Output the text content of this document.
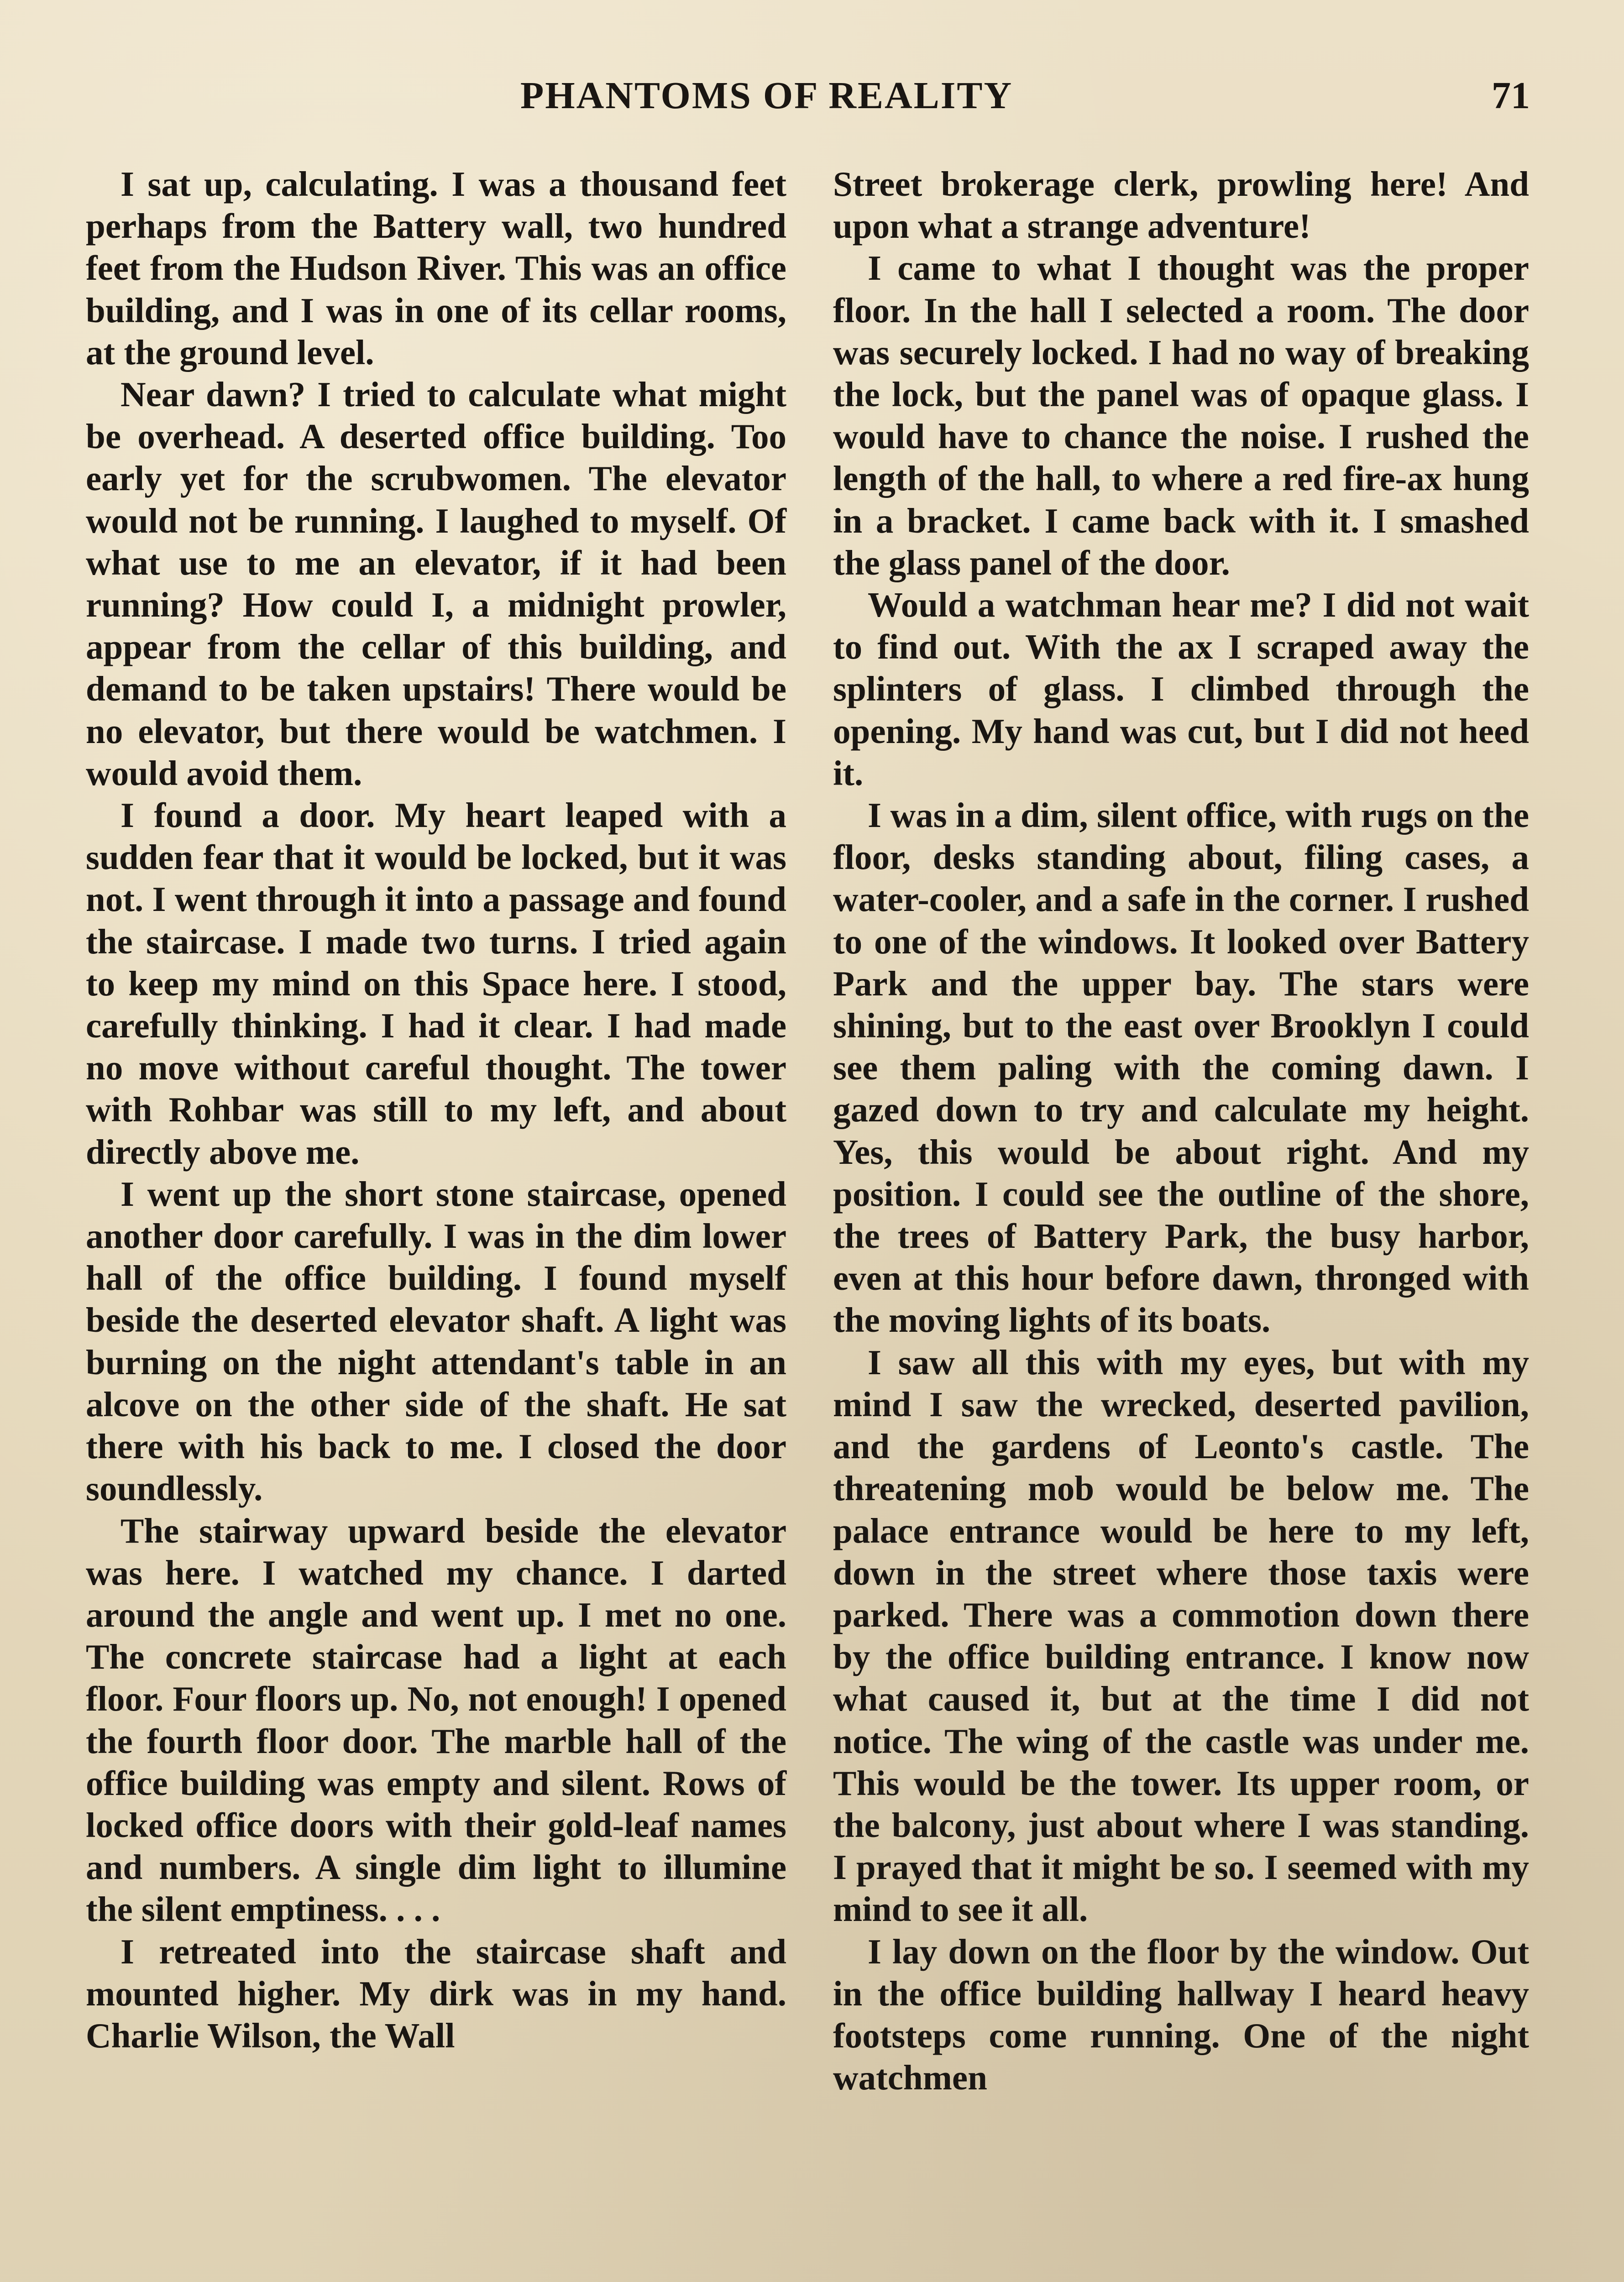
PHANTOMS OF REALITY	71

I sat up, calculating. I was a thousand feet perhaps from the Battery wall, two hundred feet from the Hudson River. This was an office building, and I was in one of its cellar rooms, at the ground level.

Near dawn? I tried to calculate what might be overhead. A deserted office building. Too early yet for the scrubwomen. The elevator would not be running. I laughed to myself. Of what use to me an elevator, if it had been running? How could I, a midnight prowler, appear from the cellar of this building, and demand to be taken upstairs! There would be no elevator, but there would be watchmen. I would avoid them.

I found a door. My heart leaped with a sudden fear that it would be locked, but it was not. I went through it into a passage and found the staircase. I made two turns. I tried again to keep my mind on this Space here. I stood, carefully thinking. I had it clear. I had made no move without careful thought. The tower with Rohbar was still to my left, and about directly above me.

I went up the short stone staircase, opened another door carefully. I was in the dim lower hall of the office building. I found myself beside the deserted elevator shaft. A light was burning on the night attendant's table in an alcove on the other side of the shaft. He sat there with his back to me. I closed the door soundlessly.

The stairway upward beside the elevator was here. I watched my chance. I darted around the angle and went up. I met no one. The concrete staircase had a light at each floor. Four floors up. No, not enough! I opened the fourth floor door. The marble hall of the office building was empty and silent. Rows of locked office doors with their gold-leaf names and numbers. A single dim light to illumine the silent emptiness. . . .

I retreated into the staircase shaft and mounted higher. My dirk was in my hand. Charlie Wilson, the Wall

Street brokerage clerk, prowling here! And upon what a strange adventure!

I came to what I thought was the proper floor. In the hall I selected a room. The door was securely locked. I had no way of breaking the lock, but the panel was of opaque glass. I would have to chance the noise. I rushed the length of the hall, to where a red fire-ax hung in a bracket. I came back with it. I smashed the glass panel of the door.

Would a watchman hear me? I did not wait to find out. With the ax I scraped away the splinters of glass. I climbed through the opening. My hand was cut, but I did not heed it.

I was in a dim, silent office, with rugs on the floor, desks standing about, filing cases, a water-cooler, and a safe in the corner. I rushed to one of the windows. It looked over Battery Park and the upper bay. The stars were shining, but to the east over Brooklyn I could see them paling with the coming dawn. I gazed down to try and calculate my height. Yes, this would be about right. And my position. I could see the outline of the shore, the trees of Battery Park, the busy harbor, even at this hour before dawn, thronged with the moving lights of its boats.

I saw all this with my eyes, but with my mind I saw the wrecked, deserted pavilion, and the gardens of Leonto's castle. The threatening mob would be below me. The palace entrance would be here to my left, down in the street where those taxis were parked. There was a commotion down there by the office building entrance. I know now what caused it, but at the time I did not notice. The wing of the castle was under me. This would be the tower. Its upper room, or the balcony, just about where I was standing. I prayed that it might be so. I seemed with my mind to see it all.

I lay down on the floor by the window. Out in the office building hallway I heard heavy footsteps come running. One of the night watchmen
